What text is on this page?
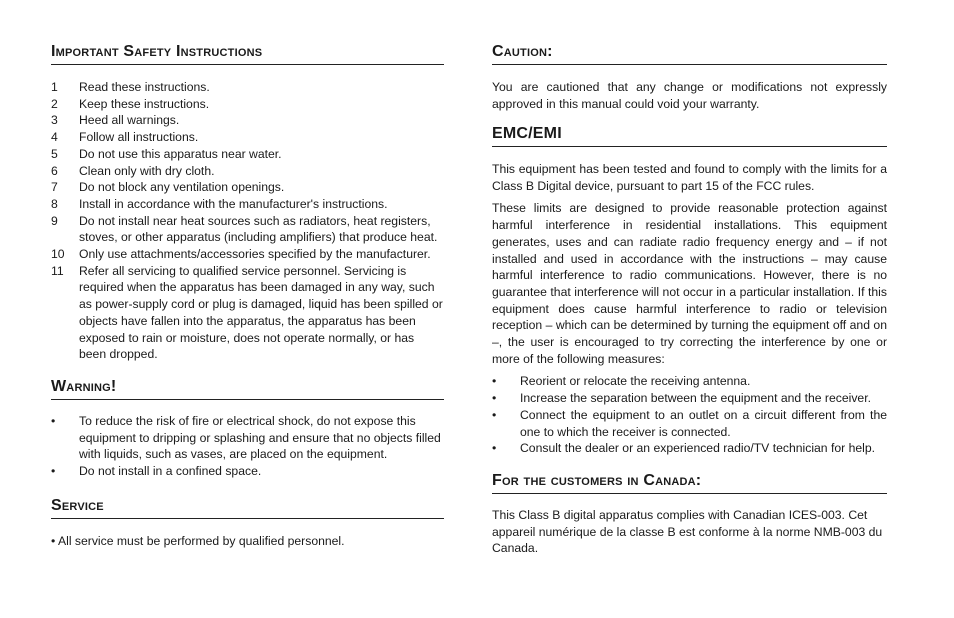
Important Safety Instructions
1 Read these instructions.
2 Keep these instructions.
3 Heed all warnings.
4 Follow all instructions.
5 Do not use this apparatus near water.
6 Clean only with dry cloth.
7 Do not block any ventilation openings.
8 Install in accordance with the manufacturer's instructions.
9 Do not install near heat sources such as radiators, heat registers, stoves, or other apparatus (including amplifiers) that produce heat.
10 Only use attachments/accessories specified by the manufacturer.
11 Refer all servicing to qualified service personnel. Servicing is required when the apparatus has been damaged in any way, such as power-supply cord or plug is damaged, liquid has been spilled or objects have fallen into the apparatus, the apparatus has been exposed to rain or moisture, does not operate normally, or has been dropped.
Warning!
• To reduce the risk of fire or electrical shock, do not expose this equipment to dripping or splashing and ensure that no objects filled with liquids, such as vases, are placed on the equipment.
• Do not install in a confined space.
Service
• All service must be performed by qualified personnel.
Caution:
You are cautioned that any change or modifications not expressly approved in this manual could void your warranty.
EMC/EMI

This equipment has been tested and found to comply with the limits for a Class B Digital device, pursuant to part 15 of the FCC rules.

These limits are designed to provide reasonable protection against harmful interference in residential installations. This equipment generates, uses and can radiate radio frequency energy and – if not installed and used in accordance with the instructions – may cause harmful interference to radio communications. However, there is no guarantee that interference will not occur in a particular installation. If this equipment does cause harmful interference to radio or television reception – which can be determined by turning the equipment off and on –, the user is encouraged to try correcting the interference by one or more of the following measures:

• Reorient or relocate the receiving antenna.
• Increase the separation between the equipment and the receiver.
• Connect the equipment to an outlet on a circuit different from the one to which the receiver is connected.
• Consult the dealer or an experienced radio/TV technician for help.
For the customers in Canada:
This Class B digital apparatus complies with Canadian ICES-003. Cet appareil numérique de la classe B est conforme à la norme NMB-003 du Canada.
